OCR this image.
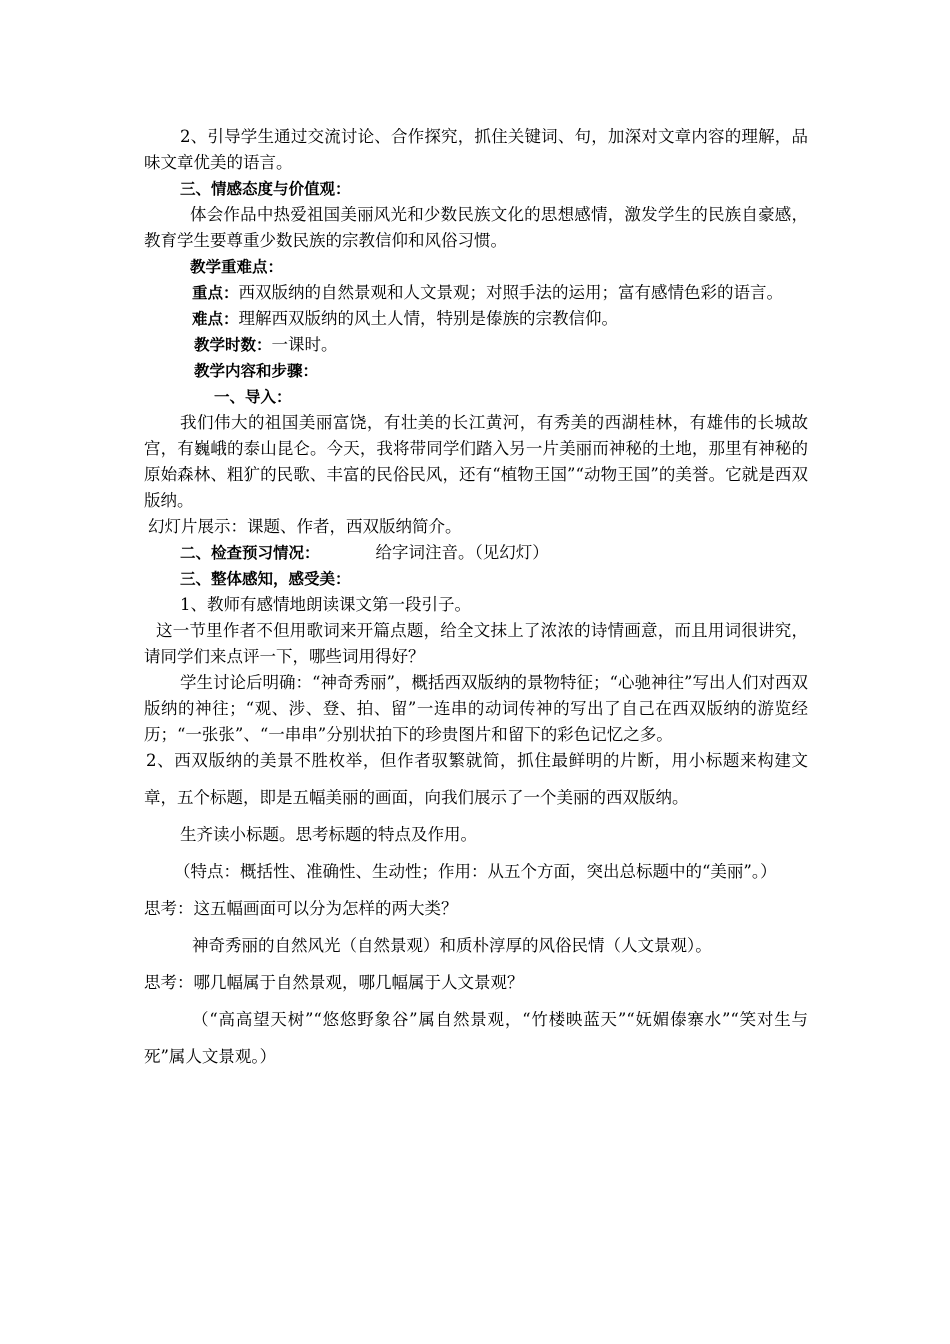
2、引导学生通过交流讨论、合作探究，抓住关键词、句，加深对文章内容的理解，品味文章优美的语言。

三、情感态度与价值观：

体会作品中热爱祖国美丽风光和少数民族文化的思想感情，激发学生的民族自豪感，教育学生要尊重少数民族的宗教信仰和风俗习惯。

教学重难点：

重点：西双版纳的自然景观和人文景观；对照手法的运用；富有感情色彩的语言。

难点：理解西双版纳的风土人情，特别是傣族的宗教信仰。

教学时数：一课时。

教学内容和步骤：

一、导入：

我们伟大的祖国美丽富饶，有壮美的长江黄河，有秀美的西湖桂林，有雄伟的长城故宫，有巍峨的泰山昆仑。今天，我将带同学们踏入另一片美丽而神秘的土地，那里有神秘的原始森林、粗犷的民歌、丰富的民俗民风，还有“植物王国”“动物王国”的美誉。它就是西双版纳。

幻灯片展示：课题、作者，西双版纳简介。

二、检查预习情况：	给字词注音。（见幻灯）

三、整体感知，感受美：

1、教师有感情地朗读课文第一段引子。

这一节里作者不但用歌词来开篇点题，给全文抹上了浓浓的诗情画意，而且用词很讲究，请同学们来点评一下，哪些词用得好？

学生讨论后明确：“神奇秀丽”，概括西双版纳的景物特征；“心驰神往”写出人们对西双版纳的神往；“观、涉、登、拍、留”一连串的动词传神的写出了自己在西双版纳的游览经历；“一张张”、“一串串”分别状拍下的珍贵图片和留下的彩色记忆之多。

2、西双版纳的美景不胜枚举，但作者驭繁就简，抓住最鲜明的片断，用小标题来构建文章，五个标题，即是五幅美丽的画面，向我们展示了一个美丽的西双版纳。

生齐读小标题。思考标题的特点及作用。

（特点：概括性、准确性、生动性；作用：从五个方面，突出总标题中的“美丽”。）

思考：这五幅画面可以分为怎样的两大类？

神奇秀丽的自然风光（自然景观）和质朴淳厚的风俗民情（人文景观）。

思考：哪几幅属于自然景观，哪几幅属于人文景观？

（“高高望天树”“悠悠野象谷”属自然景观，“竹楼映蓝天”“妩媚傣寨水”“笑对生与死”属人文景观。）
